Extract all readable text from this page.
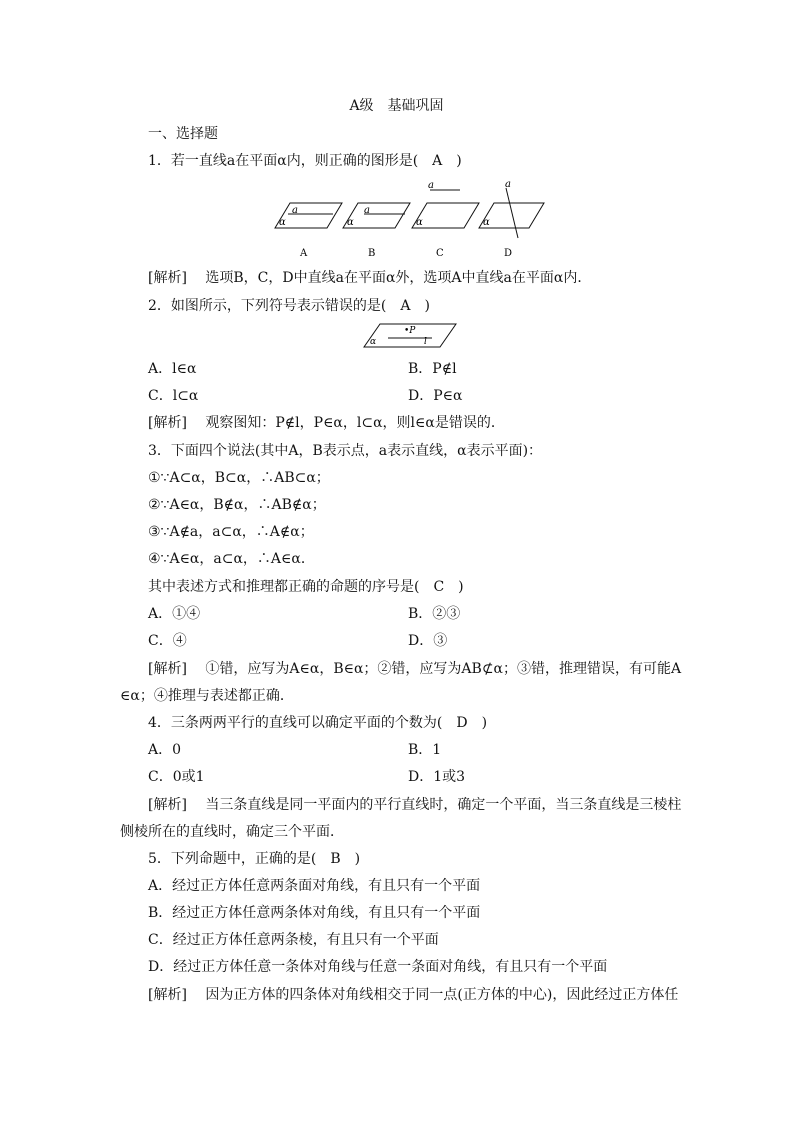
A级　基础巩固
一、选择题
1．若一直线a在平面α内，则正确的图形是(　A　)
a
α
A
a
α
B
a
α
C
a
α
D
[解析]　 选项B，C，D中直线a在平面α外，选项A中直线a在平面α内．
2．如图所示，下列符号表示错误的是(　A　)
•P
l
α
A．l∈α	B．P∉l
C．l⊂α	D．P∈α
[解析]　 观察图知：P∉l，P∈α，l⊂α，则l∈α是错误的．
3．下面四个说法(其中A，B表示点，a表示直线，α表示平面)：
①∵A⊂α，B⊂α，∴AB⊂α；
②∵A∈α，B∉α，∴AB∉α；
③∵A∉a，a⊂α，∴A∉α；
④∵A∈α，a⊂α，∴A∈α．
其中表述方式和推理都正确的命题的序号是(　C　)
A．①④	B．②③
C．④	D．③
[解析]　 ①错，应写为A∈α，B∈α；②错，应写为AB⊄α；③错，推理错误，有可能A
∈α；④推理与表述都正确．
4．三条两两平行的直线可以确定平面的个数为(　D　)
A．0	B．1
C．0或1	D．1或3
[解析]　 当三条直线是同一平面内的平行直线时，确定一个平面，当三条直线是三棱柱
侧棱所在的直线时，确定三个平面．
5．下列命题中，正确的是(　B　)
A．经过正方体任意两条面对角线，有且只有一个平面
B．经过正方体任意两条体对角线，有且只有一个平面
C．经过正方体任意两条棱，有且只有一个平面
D．经过正方体任意一条体对角线与任意一条面对角线，有且只有一个平面
[解析]　 因为正方体的四条体对角线相交于同一点(正方体的中心)，因此经过正方体任
